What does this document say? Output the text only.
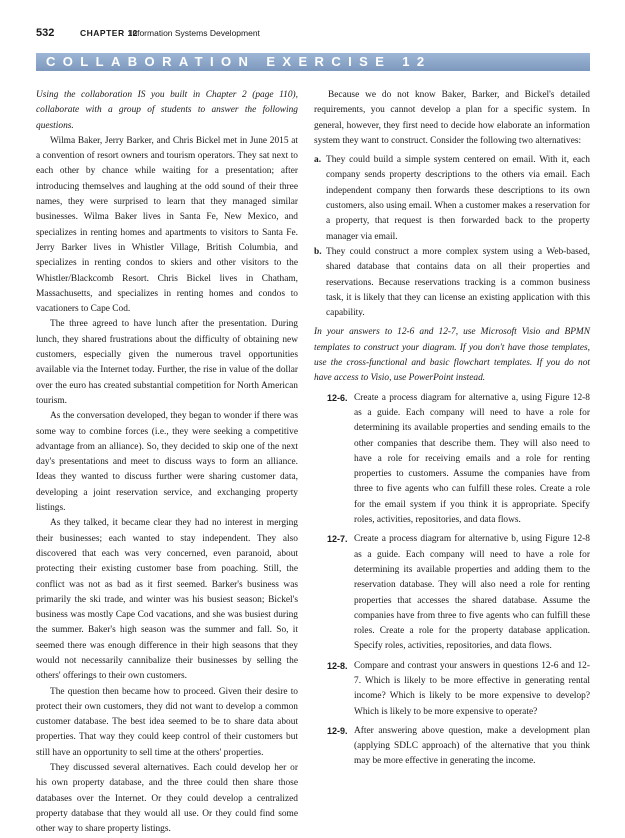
532	CHAPTER 12
Information Systems Development
COLLABORATION EXERCISE 12

Using the collaboration IS you built in Chapter 2 (page 110), collaborate with a group of students to answer the following questions.

Wilma Baker, Jerry Barker, and Chris Bickel met in June 2015 at a convention of resort owners and tourism operators. They sat next to each other by chance while waiting for a presentation; after introducing themselves and laughing at the odd sound of their three names, they were surprised to learn that they managed similar businesses. Wilma Baker lives in Santa Fe, New Mexico, and specializes in renting homes and apartments to visitors to Santa Fe. Jerry Barker lives in Whistler Village, British Columbia, and specializes in renting condos to skiers and other visitors to the Whistler/Blackcomb Resort. Chris Bickel lives in Chatham, Massachusetts, and specializes in renting homes and condos to vacationers to Cape Cod.

The three agreed to have lunch after the presentation. During lunch, they shared frustrations about the difficulty of obtaining new customers, especially given the numerous travel opportunities available via the Internet today. Further, the rise in value of the dollar over the euro has created substantial competition for North American tourism.

As the conversation developed, they began to wonder if there was some way to combine forces (i.e., they were seeking a competitive advantage from an alliance). So, they decided to skip one of the next day's presentations and meet to discuss ways to form an alliance. Ideas they wanted to discuss further were sharing customer data, developing a joint reservation service, and exchanging property listings.

As they talked, it became clear they had no interest in merging their businesses; each wanted to stay independent. They also discovered that each was very concerned, even paranoid, about protecting their existing customer base from poaching. Still, the conflict was not as bad as it first seemed. Barker's business was primarily the ski trade, and winter was his busiest season; Bickel's business was mostly Cape Cod vacations, and she was busiest during the summer. Baker's high season was the summer and fall. So, it seemed there was enough difference in their high seasons that they would not necessarily cannibalize their businesses by selling the others' offerings to their own customers.

The question then became how to proceed. Given their desire to protect their own customers, they did not want to develop a common customer database. The best idea seemed to be to share data about properties. That way they could keep control of their customers but still have an opportunity to sell time at the others' properties.

They discussed several alternatives. Each could develop her or his own property database, and the three could then share those databases over the Internet. Or they could develop a centralized property database that they would all use. Or they could find some other way to share property listings.

Because we do not know Baker, Barker, and Bickel's detailed requirements, you cannot develop a plan for a specific system. In general, however, they first need to decide how elaborate an information system they want to construct. Consider the following two alternatives:

a. They could build a simple system centered on email. With it, each company sends property descriptions to the others via email. Each independent company then forwards these descriptions to its own customers, also using email. When a customer makes a reservation for a property, that request is then forwarded back to the property manager via email.

b. They could construct a more complex system using a Web-based, shared database that contains data on all their properties and reservations. Because reservations tracking is a common business task, it is likely that they can license an existing application with this capability.

In your answers to 12-6 and 12-7, use Microsoft Visio and BPMN templates to construct your diagram. If you don't have those templates, use the cross-functional and basic flowchart templates. If you do not have access to Visio, use PowerPoint instead.

12-6. Create a process diagram for alternative a, using Figure 12-8 as a guide. Each company will need to have a role for determining its available properties and sending emails to the other companies that describe them. They will also need to have a role for receiving emails and a role for renting properties to customers. Assume the companies have from three to five agents who can fulfill these roles. Create a role for the email system if you think it is appropriate. Specify roles, activities, repositories, and data flows.

12-7. Create a process diagram for alternative b, using Figure 12-8 as a guide. Each company will need to have a role for determining its available properties and adding them to the reservation database. They will also need a role for renting properties that accesses the shared database. Assume the companies have from three to five agents who can fulfill these roles. Create a role for the property database application. Specify roles, activities, repositories, and data flows.

12-8. Compare and contrast your answers in questions 12-6 and 12-7. Which is likely to be more effective in generating rental income? Which is likely to be more expensive to develop? Which is likely to be more expensive to operate?

12-9. After answering above question, make a development plan (applying SDLC approach) of the alternative that you think may be more effective in generating the income.
